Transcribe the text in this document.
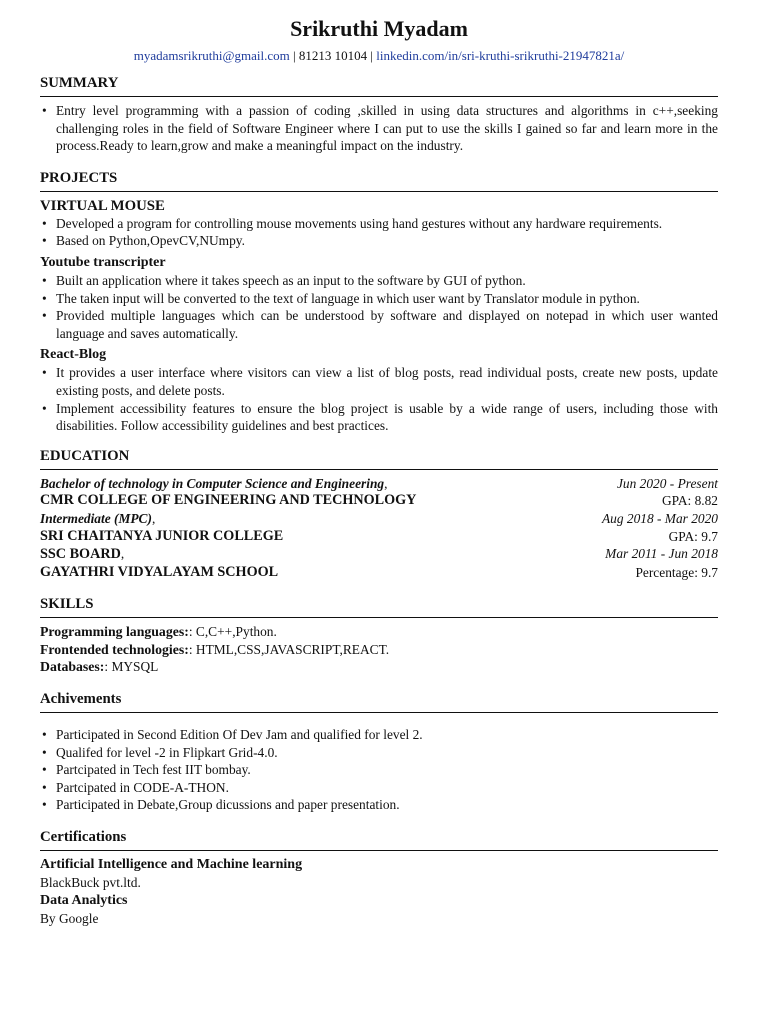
Srikruthi Myadam
myadamsrikruthi@gmail.com | 81213 10104 | linkedin.com/in/sri-kruthi-srikruthi-21947821a/
SUMMARY
• Entry level programming with a passion of coding ,skilled in using data structures and algorithms in c++,seeking challenging roles in the field of Software Engineer where I can put to use the skills I gained so far and learn more in the process.Ready to learn,grow and make a meaningful impact on the industry.
PROJECTS
VIRTUAL MOUSE
• Developed a program for controlling mouse movements using hand gestures without any hardware requirements.
• Based on Python,OpevCV,NUmpy.
Youtube transcripter
• Built an application where it takes speech as an input to the software by GUI of python.
• The taken input will be converted to the text of language in which user want by Translator module in python.
• Provided multiple languages which can be understood by software and displayed on notepad in which user wanted language and saves automatically.
React-Blog
• It provides a user interface where visitors can view a list of blog posts, read individual posts, create new posts, update existing posts, and delete posts.
• Implement accessibility features to ensure the blog project is usable by a wide range of users, including those with disabilities. Follow accessibility guidelines and best practices.
EDUCATION
Bachelor of technology in Computer Science and Engineering,	Jun 2020 - Present
CMR COLLEGE OF ENGINEERING AND TECHNOLOGY	GPA: 8.82
Intermediate (MPC),	Aug 2018 - Mar 2020
SRI CHAITANYA JUNIOR COLLEGE	GPA: 9.7
SSC BOARD,	Mar 2011 - Jun 2018
GAYATHRI VIDYALAYAM SCHOOL	Percentage: 9.7
SKILLS
Programming languages:: C,C++,Python.
Frontended technologies:: HTML,CSS,JAVASCRIPT,REACT.
Databases:: MYSQL
Achivements
• Participated in Second Edition Of Dev Jam and qualified for level 2.
• Qualifed for level -2 in Flipkart Grid-4.0.
• Partcipated in Tech fest IIT bombay.
• Partcipated in CODE-A-THON.
• Participated in Debate,Group dicussions and paper presentation.
Certifications
Artificial Intelligence and Machine learning
BlackBuck pvt.ltd.
Data Analytics
By Google
